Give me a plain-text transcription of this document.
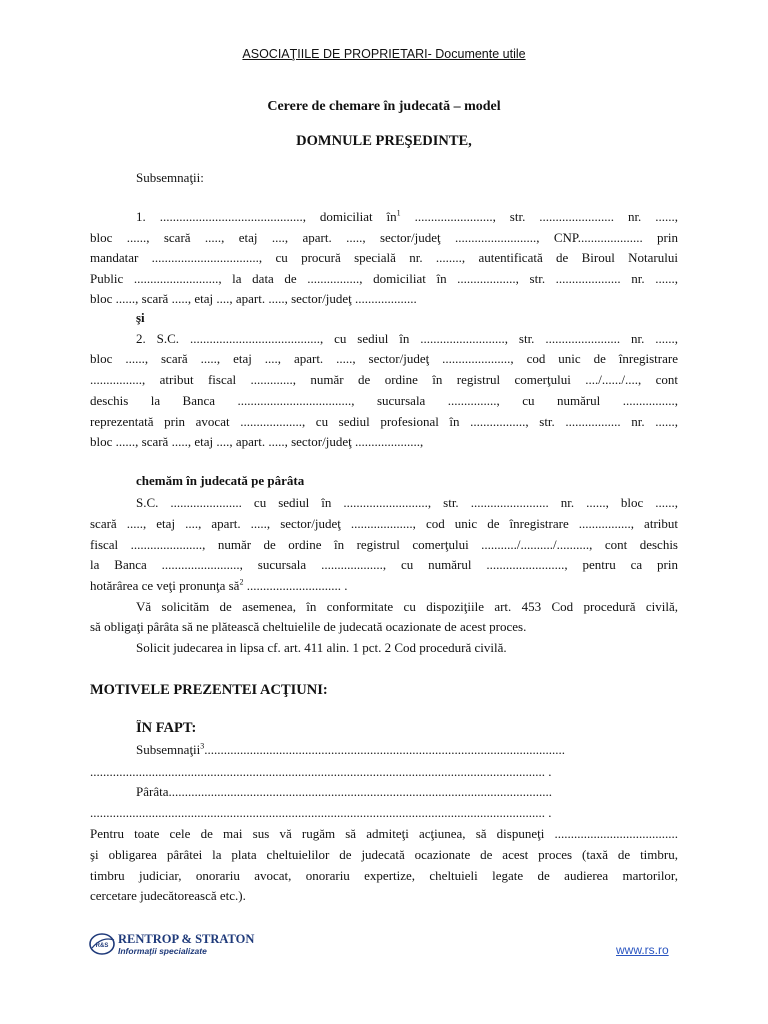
ASOCIAŢIILE DE PROPRIETARI- Documente utile
Cerere de chemare în judecată – model
DOMNULE PREŞEDINTE,
Subsemnaţii:
1. ............................................, domiciliat $în^1$ ........................, str. ....................... nr. ......,
bloc ......, scară ....., etaj ...., apart. ....., sector/judeţ ........................., CNP.................... prin
mandatar ................................., cu procură specială nr. ........, autentificată de Biroul Notarului
Public .........................., la data de ................, domiciliat în .................., str. .................... nr. ......,
bloc ......, scară ....., etaj ...., apart. ....., sector/judeţ ...................
şi
2. S.C. ........................................, cu sediul în .........................., str. ....................... nr. ......,
bloc ......, scară ....., etaj ...., apart. ....., sector/judeţ ....................., cod unic de înregistrare
................, atribut fiscal ............., număr de ordine în registrul comerţului ..../....../...., cont
deschis la Banca ..................................., sucursala ..............., cu numărul ................,
reprezentată prin avocat ..................., cu sediul profesional în ................., str. ................. nr. ......,
bloc ......, scară ....., etaj ...., apart. ....., sector/judeţ ....................,
chemăm în judecată pe pârâta
S.C. ...................... cu sediul în .........................., str. ........................ nr. ......, bloc ......,
scară ....., etaj ...., apart. ....., sector/judeţ ..................., cod unic de înregistrare ................, atribut
fiscal ......................, număr de ordine în registrul comerţului .........../........../.........., cont deschis
la Banca ........................, sucursala ..................., cu numărul ........................, pentru ca prin
hotărârea ce veţi pronunţa $să^2$ ............................. .
Vă solicităm de asemenea, în conformitate cu dispoziţiile art. 453 Cod procedură civilă,
să obligaţi pârâta să ne plătească cheltuielile de judecată ocazionate de acest proces.
Solicit judecarea in lipsa cf. art. 411 alin. 1 pct. 2 Cod procedură civilă.
MOTIVELE PREZENTEI ACŢIUNI:
ÎN FAPT:
Subsemnaţii$^3$...............................................................................................................
............................................................................................................................................ .
Pârâta......................................................................................................................
............................................................................................................................................ .
Pentru toate cele de mai sus vă rugăm să admiteţi acţiunea, să dispuneţi ......................................
şi obligarea pârâtei la plata cheltuielilor de judecată ocazionate de acest proces (taxă de timbru,
timbru judiciar, onorariu avocat, onorariu expertize, cheltuieli legate de audierea martorilor,
cercetare judecătorească etc.).
R&S RENTROP & STRATON
Informaţii specializate	www.rs.ro
